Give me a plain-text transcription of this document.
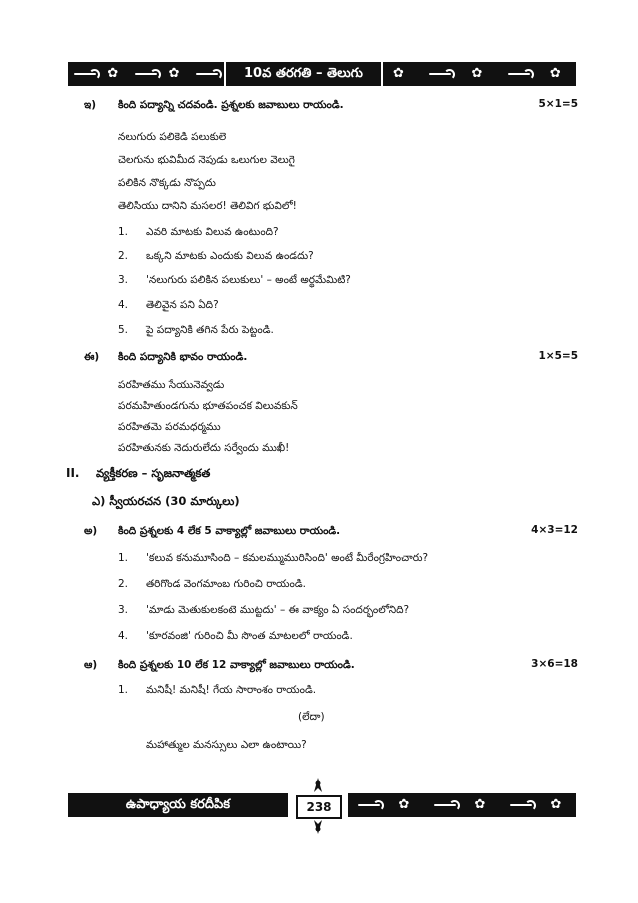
✿
✿
10వ తరగతి – తెలుగు
✿
✿
✿
ఇ) కింది పద్యాన్ని చదవండి. ప్రశ్నలకు జవాబులు రాయండి.	5×1=5
నలుగురు పలికెడి పలుకులె
చెలగును భువిమీద నెపుడు ఒలుగుల వెలుగై
పలికిన నొక్కడు నొప్పదు
తెలిసియు దానిని మసలర! తెలివిగ భువిలో!
1. ఎవరి మాటకు విలువ ఉంటుంది?
2. ఒక్కని మాటకు ఎందుకు విలువ ఉండదు?
3. 'నలుగురు పలికిన పలుకులు' – అంటే అర్థమేమిటి?
4. తెలివైన పని ఏది?
5. పై పద్యానికి తగిన పేరు పెట్టండి.
ఈ) కింది పద్యానికి భావం రాయండి.	1×5=5
పరహితము సేయునెవ్వడు
పరమహితుండగును భూతపంచక విలువకున్
పరహితమె పరమధర్మము
పరహితునకు నెదురులేదు సర్వేందు ముఖీ!
II. వ్యక్తీకరణ – సృజనాత్మకత
ఎ) స్వీయరచన (30 మార్కులు)
అ) కింది ప్రశ్నలకు 4 లేక 5 వాక్యాల్లో జవాబులు రాయండి.	4×3=12
1. 'కలువ కనుమూసింది – కమలమ్ముమురిసింది' అంటే మీరేంగ్రహించారు?
2. తరిగొండ వెంగమాంబ గురించి రాయండి.
3. 'మాడు మెతుకులకంటె ముట్టదు' – ఈ వాక్యం ఏ సందర్భంలోనిది?
4. 'కూరవంజి' గురించి మీ సొంత మాటలలో రాయండి.
ఆ) కింది ప్రశ్నలకు 10 లేక 12 వాక్యాల్లో జవాబులు రాయండి.	3×6=18
1. మనిషీ! మనిషీ! గేయ సారాంశం రాయండి.
(లేదా)
మహాత్ముల మనస్సులు ఎలా ఉంటాయి?
ఉపాధ్యాయ కరదీపిక	238
✿
✿
✿
